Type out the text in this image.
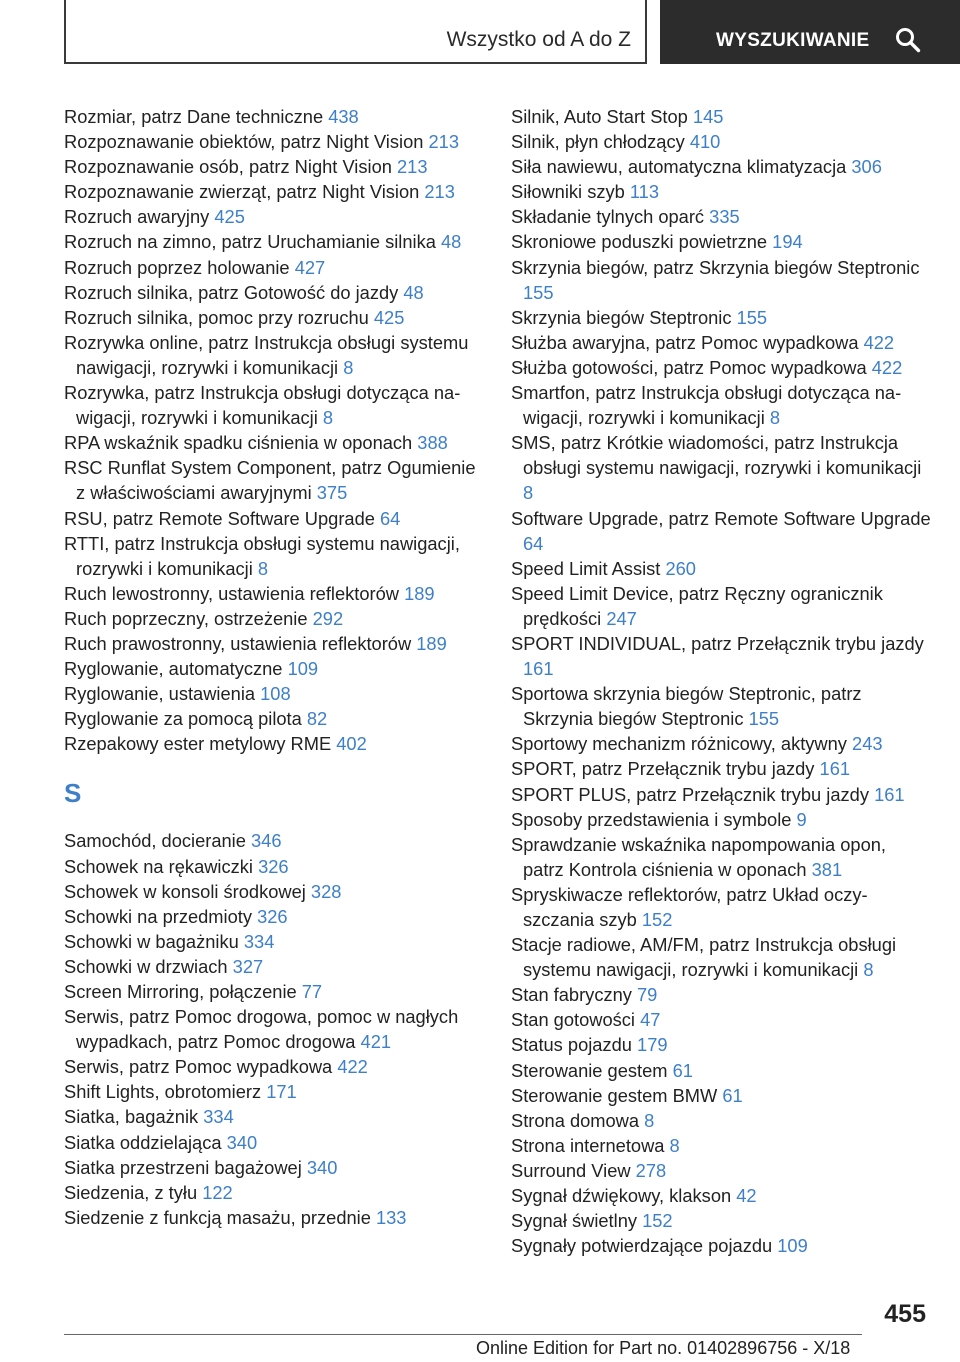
Wszystko od A do Z	WYSZUKIWANIE
Rozmiar, patrz Dane techniczne 438
Rozpoznawanie obiektów, patrz Night Vision 213
Rozpoznawanie osób, patrz Night Vision 213
Rozpoznawanie zwierząt, patrz Night Vision 213
Rozruch awaryjny 425
Rozruch na zimno, patrz Uruchamianie silnika 48
Rozruch poprzez holowanie 427
Rozruch silnika, patrz Gotowość do jazdy 48
Rozruch silnika, pomoc przy rozruchu 425
Rozrywka online, patrz Instrukcja obsługi systemu nawigacji, rozrywki i komunikacji 8
Rozrywka, patrz Instrukcja obsługi dotycząca nawigacji, rozrywki i komunikacji 8
RPA wskaźnik spadku ciśnienia w oponach 388
RSC Runflat System Component, patrz Ogumienie z właściwościami awaryjnymi 375
RSU, patrz Remote Software Upgrade 64
RTTI, patrz Instrukcja obsługi systemu nawigacji, rozrywki i komunikacji 8
Ruch lewostronny, ustawienia reflektorów 189
Ruch poprzeczny, ostrzeżenie 292
Ruch prawostronny, ustawienia reflektorów 189
Ryglowanie, automatyczne 109
Ryglowanie, ustawienia 108
Ryglowanie za pomocą pilota 82
Rzepakowy ester metylowy RME 402
S
Samochód, docieranie 346
Schowek na rękawiczki 326
Schowek w konsoli środkowej 328
Schowki na przedmioty 326
Schowki w bagażniku 334
Schowki w drzwiach 327
Screen Mirroring, połączenie 77
Serwis, patrz Pomoc drogowa, pomoc w nagłych wypadkach, patrz Pomoc drogowa 421
Serwis, patrz Pomoc wypadkowa 422
Shift Lights, obrotomierz 171
Siatka, bagażnik 334
Siatka oddzielająca 340
Siatka przestrzeni bagażowej 340
Siedzenia, z tyłu 122
Siedzenie z funkcją masażu, przednie 133
Silnik, Auto Start Stop 145
Silnik, płyn chłodzący 410
Siła nawiewu, automatyczna klimatyzacja 306
Siłowniki szyb 113
Składanie tylnych oparć 335
Skroniowe poduszki powietrzne 194
Skrzynia biegów, patrz Skrzynia biegów Steptronic 155
Skrzynia biegów Steptronic 155
Służba awaryjna, patrz Pomoc wypadkowa 422
Służba gotowości, patrz Pomoc wypadkowa 422
Smartfon, patrz Instrukcja obsługi dotycząca nawigacji, rozrywki i komunikacji 8
SMS, patrz Krótkie wiadomości, patrz Instrukcja obsługi systemu nawigacji, rozrywki i komunikacji 8
Software Upgrade, patrz Remote Software Upgrade 64
Speed Limit Assist 260
Speed Limit Device, patrz Ręczny ogranicznik prędkości 247
SPORT INDIVIDUAL, patrz Przełącznik trybu jazdy 161
Sportowa skrzynia biegów Steptronic, patrz Skrzynia biegów Steptronic 155
Sportowy mechanizm różnicowy, aktywny 243
SPORT, patrz Przełącznik trybu jazdy 161
SPORT PLUS, patrz Przełącznik trybu jazdy 161
Sposoby przedstawienia i symbole 9
Sprawdzanie wskaźnika napompowania opon, patrz Kontrola ciśnienia w oponach 381
Spryskiwacze reflektorów, patrz Układ oczyszczania szyb 152
Stacje radiowe, AM/FM, patrz Instrukcja obsługi systemu nawigacji, rozrywki i komunikacji 8
Stan fabryczny 79
Stan gotowości 47
Status pojazdu 179
Sterowanie gestem 61
Sterowanie gestem BMW 61
Strona domowa 8
Strona internetowa 8
Surround View 278
Sygnał dźwiękowy, klakson 42
Sygnał świetlny 152
Sygnały potwierdzające pojazdu 109
455
Online Edition for Part no. 01402896756 - X/18
